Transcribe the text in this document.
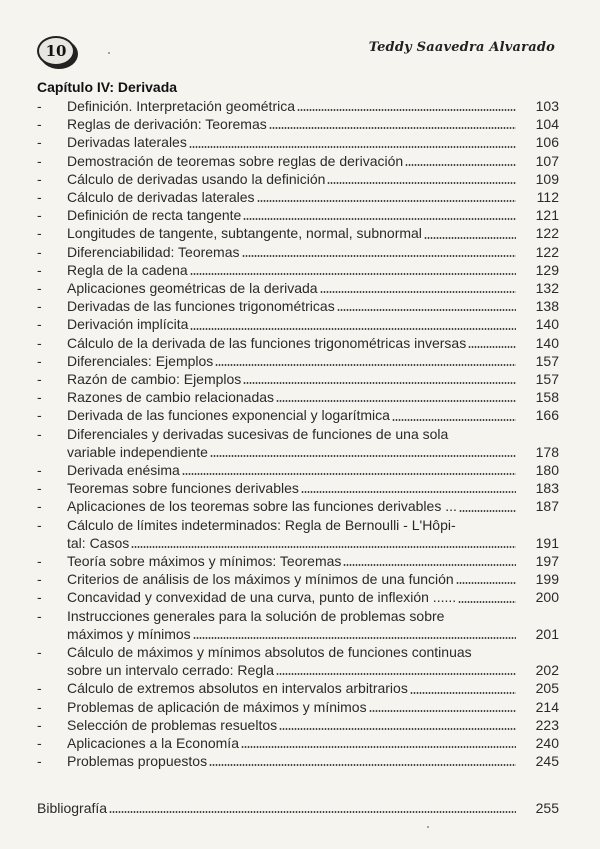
10	Teddy Saavedra Alvarado
Capítulo IV: Derivada
-	Definición. Interpretación geométrica	103
-	Reglas de derivación: Teoremas	104
-	Derivadas laterales	106
-	Demostración de teoremas sobre reglas de derivación	107
-	Cálculo de derivadas usando la definición	109
-	Cálculo de derivadas laterales	112
-	Definición de recta tangente	121
-	Longitudes de tangente, subtangente, normal, subnormal	122
-	Diferenciabilidad: Teoremas	122
-	Regla de la cadena	129
-	Aplicaciones geométricas de la derivada	132
-	Derivadas de las funciones trigonométricas	138
-	Derivación implícita	140
-	Cálculo de la derivada de las funciones trigonométricas inversas	140
-	Diferenciales: Ejemplos	157
-	Razón de cambio: Ejemplos	157
-	Razones de cambio relacionadas	158
-	Derivada de las funciones exponencial y logarítmica	166
-	Diferenciales y derivadas sucesivas de funciones de una sola
variable independiente	178
-	Derivada enésima	180
-	Teoremas sobre funciones derivables	183
-	Aplicaciones de los teoremas sobre las funciones derivables ...	187
-	Cálculo de límites indeterminados: Regla de Bernoulli - L'Hôpi-
tal: Casos	191
-	Teoría sobre máximos y mínimos: Teoremas	197
-	Criterios de análisis de los máximos y mínimos de una función	199
-	Concavidad y convexidad de una curva, punto de inflexión ......	200
-	Instrucciones generales para la solución de problemas sobre
máximos y mínimos	201
-	Cálculo de máximos y mínimos absolutos de funciones continuas
sobre un intervalo cerrado: Regla	202
-	Cálculo de extremos absolutos en intervalos arbitrarios	205
-	Problemas de aplicación de máximos y mínimos	214
-	Selección de problemas resueltos	223
-	Aplicaciones a la Economía	240
-	Problemas propuestos	245
Bibliografía	255
